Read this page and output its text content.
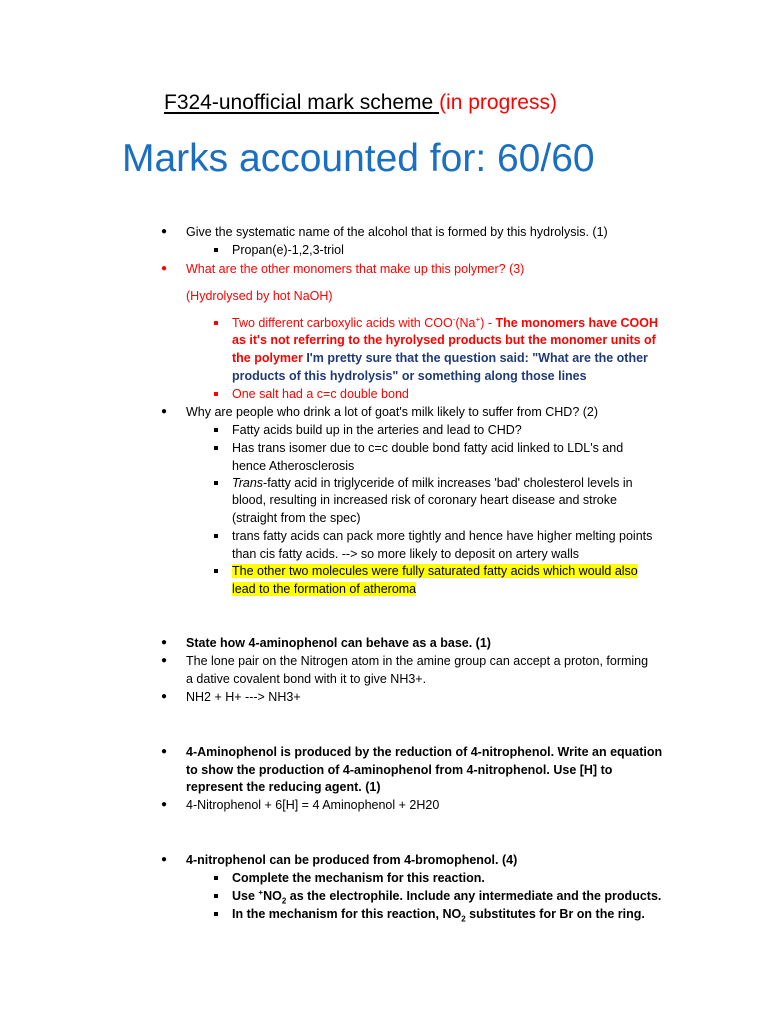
F324-unofficial mark scheme (in progress)
Marks accounted for: 60/60
● Give the systematic name of the alcohol that is formed by this hydrolysis. (1)
Propan(e)-1,2,3-triol
● What are the other monomers that make up this polymer? (3)
(Hydrolysed by hot NaOH)
Two different carboxylic acids with COO-(Na+) - The monomers have COOH
as it's not referring to the hyrolysed products but the monomer units of
the polymer I'm pretty sure that the question said: "What are the other
products of this hydrolysis" or something along those lines
One salt had a c=c double bond
● Why are people who drink a lot of goat's milk likely to suffer from CHD? (2)
Fatty acids build up in the arteries and lead to CHD?
Has trans isomer due to c=c double bond fatty acid linked to LDL's and
hence Atherosclerosis
Trans-fatty acid in triglyceride of milk increases 'bad' cholesterol levels in
blood, resulting in increased risk of coronary heart disease and stroke
(straight from the spec)
trans fatty acids can pack more tightly and hence have higher melting points
than cis fatty acids. --> so more likely to deposit on artery walls
The other two molecules were fully saturated fatty acids which would also
lead to the formation of atheroma
● State how 4-aminophenol can behave as a base. (1)
● The lone pair on the Nitrogen atom in the amine group can accept a proton, forming
a dative covalent bond with it to give NH3+.
● NH2 + H+ ---> NH3+
● 4-Aminophenol is produced by the reduction of 4-nitrophenol. Write an equation
to show the production of 4-aminophenol from 4-nitrophenol. Use [H] to
represent the reducing agent. (1)
● 4-Nitrophenol + 6[H] = 4 Aminophenol + 2H20
● 4-nitrophenol can be produced from 4-bromophenol. (4)
Complete the mechanism for this reaction.
Use $^+NO_2$ as the electrophile. Include any intermediate and the products.
In the mechanism for this reaction, $NO_2$ substitutes for Br on the ring.
